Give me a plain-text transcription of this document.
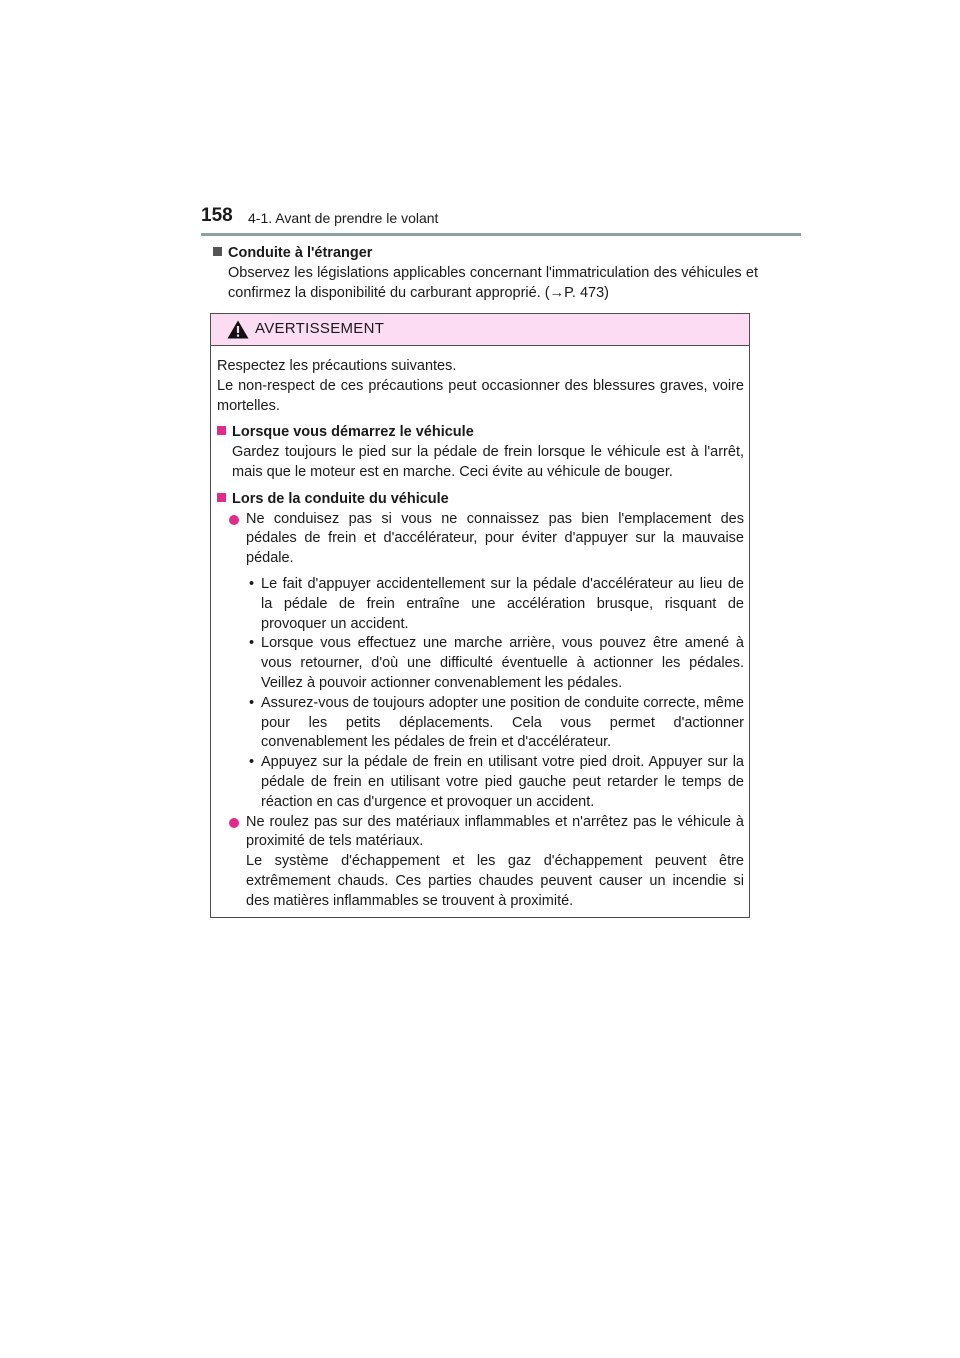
158 4-1. Avant de prendre le volant
Conduite à l'étranger
Observez les législations applicables concernant l'immatriculation des véhicules et confirmez la disponibilité du carburant approprié. (→P. 473)
AVERTISSEMENT

Respectez les précautions suivantes.

Le non-respect de ces précautions peut occasionner des blessures graves, voire mortelles.

Lorsque vous démarrez le véhicule

Gardez toujours le pied sur la pédale de frein lorsque le véhicule est à l'arrêt, mais que le moteur est en marche. Ceci évite au véhicule de bouger.

Lors de la conduite du véhicule

Ne conduisez pas si vous ne connaissez pas bien l'emplacement des pédales de frein et d'accélérateur, pour éviter d'appuyer sur la mauvaise pédale.

• Le fait d'appuyer accidentellement sur la pédale d'accélérateur au lieu de la pédale de frein entraîne une accélération brusque, risquant de provoquer un accident.

• Lorsque vous effectuez une marche arrière, vous pouvez être amené à vous retourner, d'où une difficulté éventuelle à actionner les pédales. Veillez à pouvoir actionner convenablement les pédales.

• Assurez-vous de toujours adopter une position de conduite correcte, même pour les petits déplacements. Cela vous permet d'actionner convenablement les pédales de frein et d'accélérateur.

• Appuyez sur la pédale de frein en utilisant votre pied droit. Appuyer sur la pédale de frein en utilisant votre pied gauche peut retarder le temps de réaction en cas d'urgence et provoquer un accident.

Ne roulez pas sur des matériaux inflammables et n'arrêtez pas le véhicule à proximité de tels matériaux.

Le système d'échappement et les gaz d'échappement peuvent être extrêmement chauds. Ces parties chaudes peuvent causer un incendie si des matières inflammables se trouvent à proximité.
